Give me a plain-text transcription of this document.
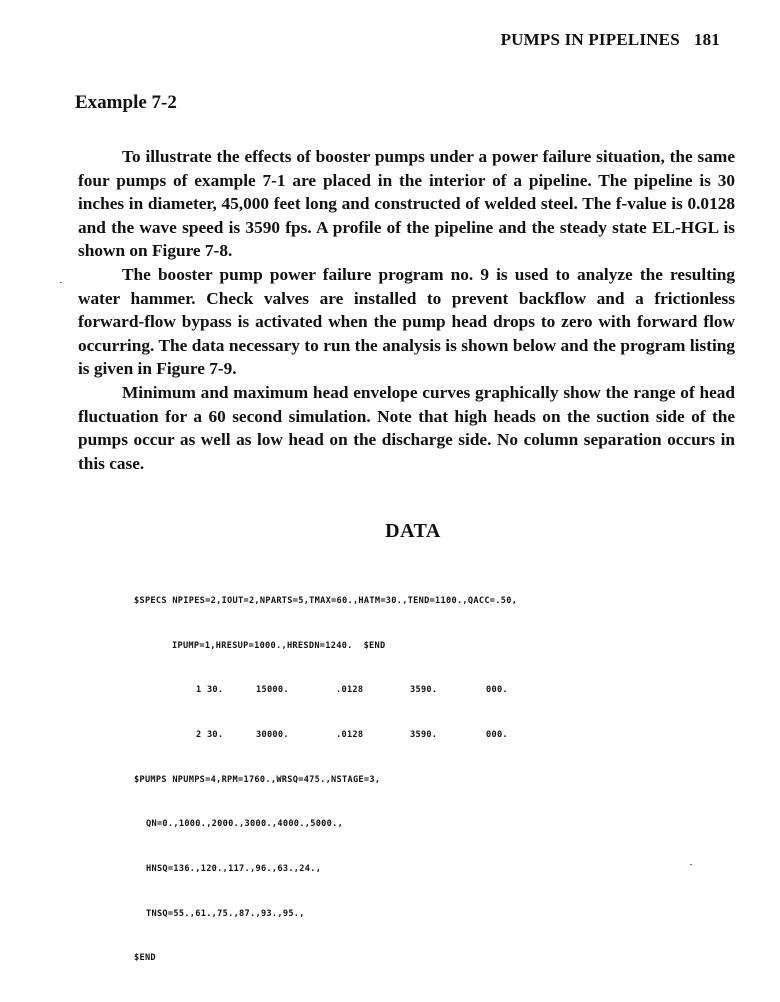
PUMPS IN PIPELINES 181
Example 7-2

To illustrate the effects of booster pumps under a power failure situation, the same four pumps of example 7-1 are placed in the interior of a pipeline. The pipeline is 30 inches in diameter, 45,000 feet long and constructed of welded steel. The f-value is 0.0128 and the wave speed is 3590 fps. A profile of the pipeline and the steady state EL-HGL is shown on Figure 7-8.

The booster pump power failure program no. 9 is used to analyze the resulting water hammer. Check valves are installed to prevent backflow and a frictionless forward-flow bypass is activated when the pump head drops to zero with forward flow occurring. The data necessary to run the analysis is shown below and the program listing is given in Figure 7-9.

Minimum and maximum head envelope curves graphically show the range of head fluctuation for a 60 second simulation. Note that high heads on the suction side of the pumps occur as well as low head on the discharge side. No column separation occurs in this case.

DATA

$SPECS NPIPES=2,IOUT=2,NPARTS=5,TMAX=60.,HATM=30.,TEND=1100.,QACC=.50,

IPUMP=1,HRESUP=1000.,HRESDN=1240.  $END

1 30.	15000.	.0128	3590.	000.

2 30.	30000.	.0128	3590.	000.

$PUMPS NPUMPS=4,RPM=1760.,WRSQ=475.,NSTAGE=3,

QN=0.,1000.,2000.,3000.,4000.,5000.,

HNSQ=136.,120.,117.,96.,63.,24.,

TNSQ=55.,61.,75.,87.,93.,95.,

$END
